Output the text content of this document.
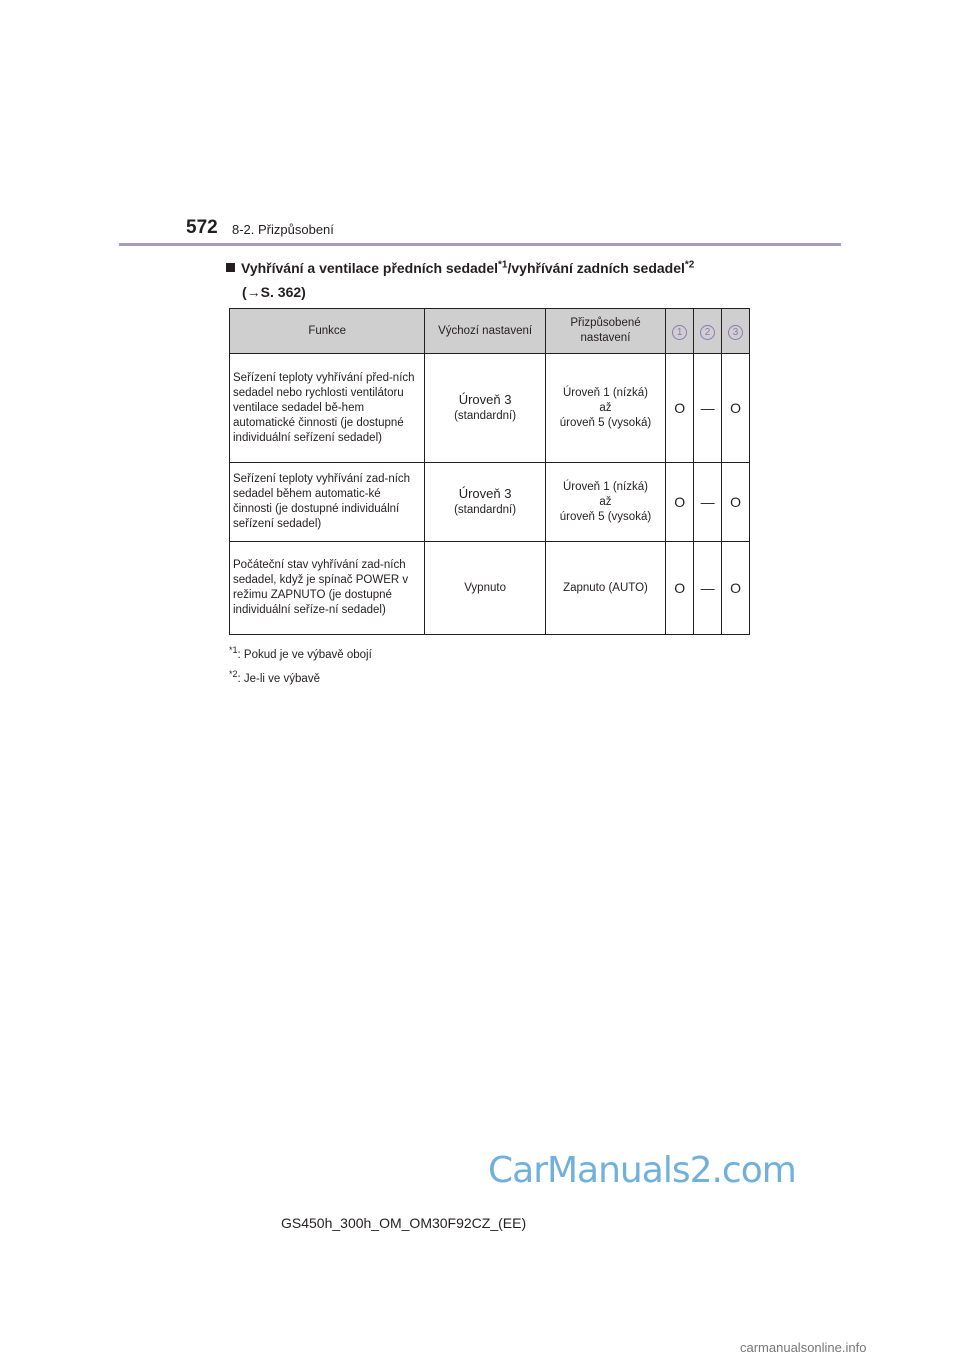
572 8-2. Přizpůsobení
Vyhřívání a ventilace předních sedadel$^{*1}$/vyhřívání zadních sedadel$^{*2}$
(→S. 362)
Funkce	Výchozí nastavení	Přizpůsobené nastavení	1	2	3
Seřízení teploty vyhřívání před-ních sedadel nebo rychlosti ventilátoru ventilace sedadel bě-hem automatické činnosti (je dostupné individuální seřízení sedadel)	Úroveň 3
(standardní)	Úroveň 1 (nízká)
až
úroveň 5 (vysoká)	O	—	O
Seřízení teploty vyhřívání zad-ních sedadel během automatic-ké činnosti (je dostupné individuální seřízení sedadel)	Úroveň 3
(standardní)	Úroveň 1 (nízká)
až
úroveň 5 (vysoká)	O	—	O
Počáteční stav vyhřívání zad-ních sedadel, když je spínač POWER v režimu ZAPNUTO (je dostupné individuální seříze-ní sedadel)	Vypnuto	Zapnuto (AUTO)	O	—	O
$^{*1}$: Pokud je ve výbavě obojí
$^{*2}$: Je-li ve výbavě
CarManuals2.com
GS450h_300h_OM_OM30F92CZ_(EE)
carmanualsonline.info
